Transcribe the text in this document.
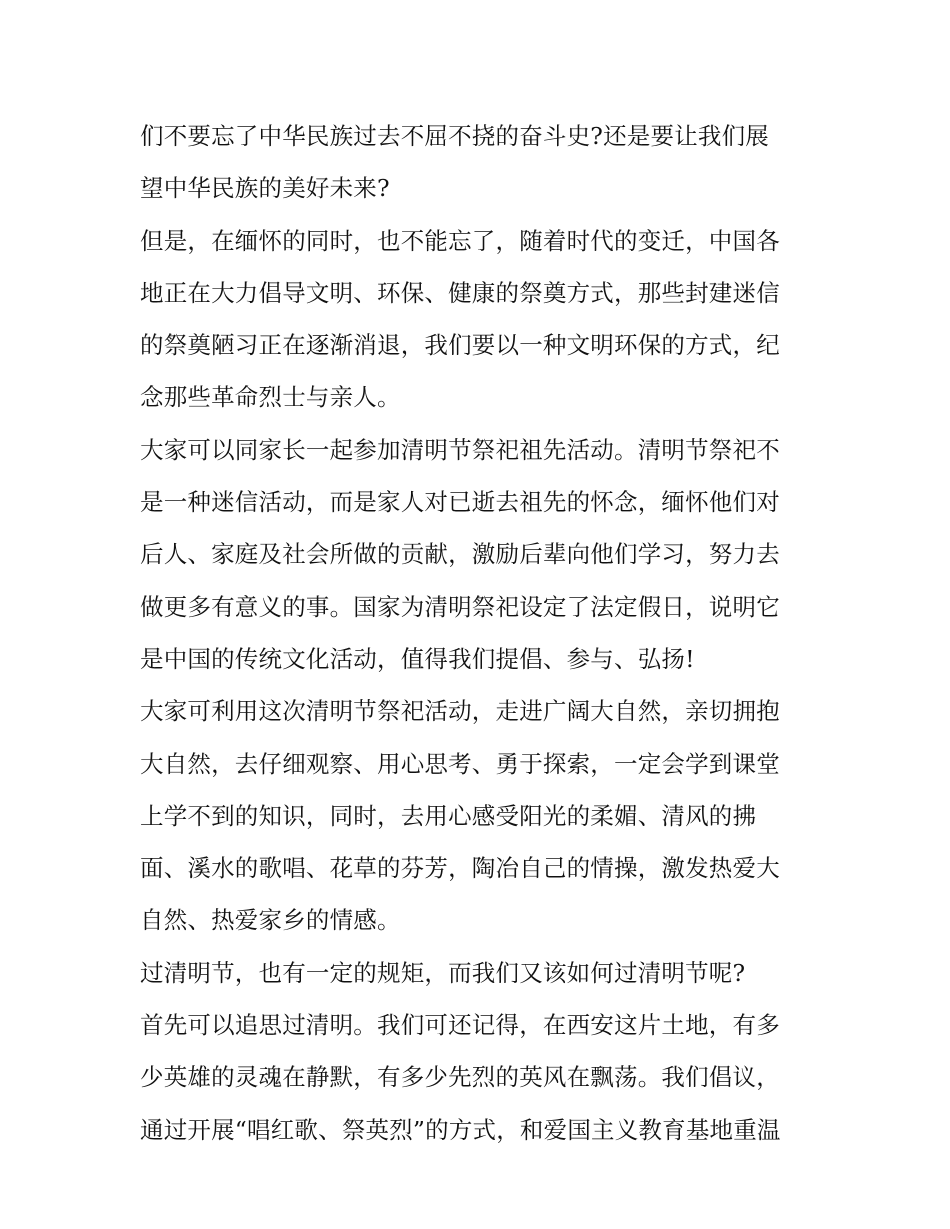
们不要忘了中华民族过去不屈不挠的奋斗史?还是要让我们展
望中华民族的美好未来?
但是，在缅怀的同时，也不能忘了，随着时代的变迁，中国各
地正在大力倡导文明、环保、健康的祭奠方式，那些封建迷信
的祭奠陋习正在逐渐消退，我们要以一种文明环保的方式，纪
念那些革命烈士与亲人。
大家可以同家长一起参加清明节祭祀祖先活动。清明节祭祀不
是一种迷信活动，而是家人对已逝去祖先的怀念，缅怀他们对
后人、家庭及社会所做的贡献，激励后辈向他们学习，努力去
做更多有意义的事。国家为清明祭祀设定了法定假日，说明它
是中国的传统文化活动，值得我们提倡、参与、弘扬!
大家可利用这次清明节祭祀活动，走进广阔大自然，亲切拥抱
大自然，去仔细观察、用心思考、勇于探索，一定会学到课堂
上学不到的知识，同时，去用心感受阳光的柔媚、清风的拂
面、溪水的歌唱、花草的芬芳，陶冶自己的情操，激发热爱大
自然、热爱家乡的情感。
过清明节，也有一定的规矩，而我们又该如何过清明节呢?
首先可以追思过清明。我们可还记得，在西安这片土地，有多
少英雄的灵魂在静默，有多少先烈的英风在飘荡。我们倡议，
通过开展“唱红歌、祭英烈”的方式，和爱国主义教育基地重温
